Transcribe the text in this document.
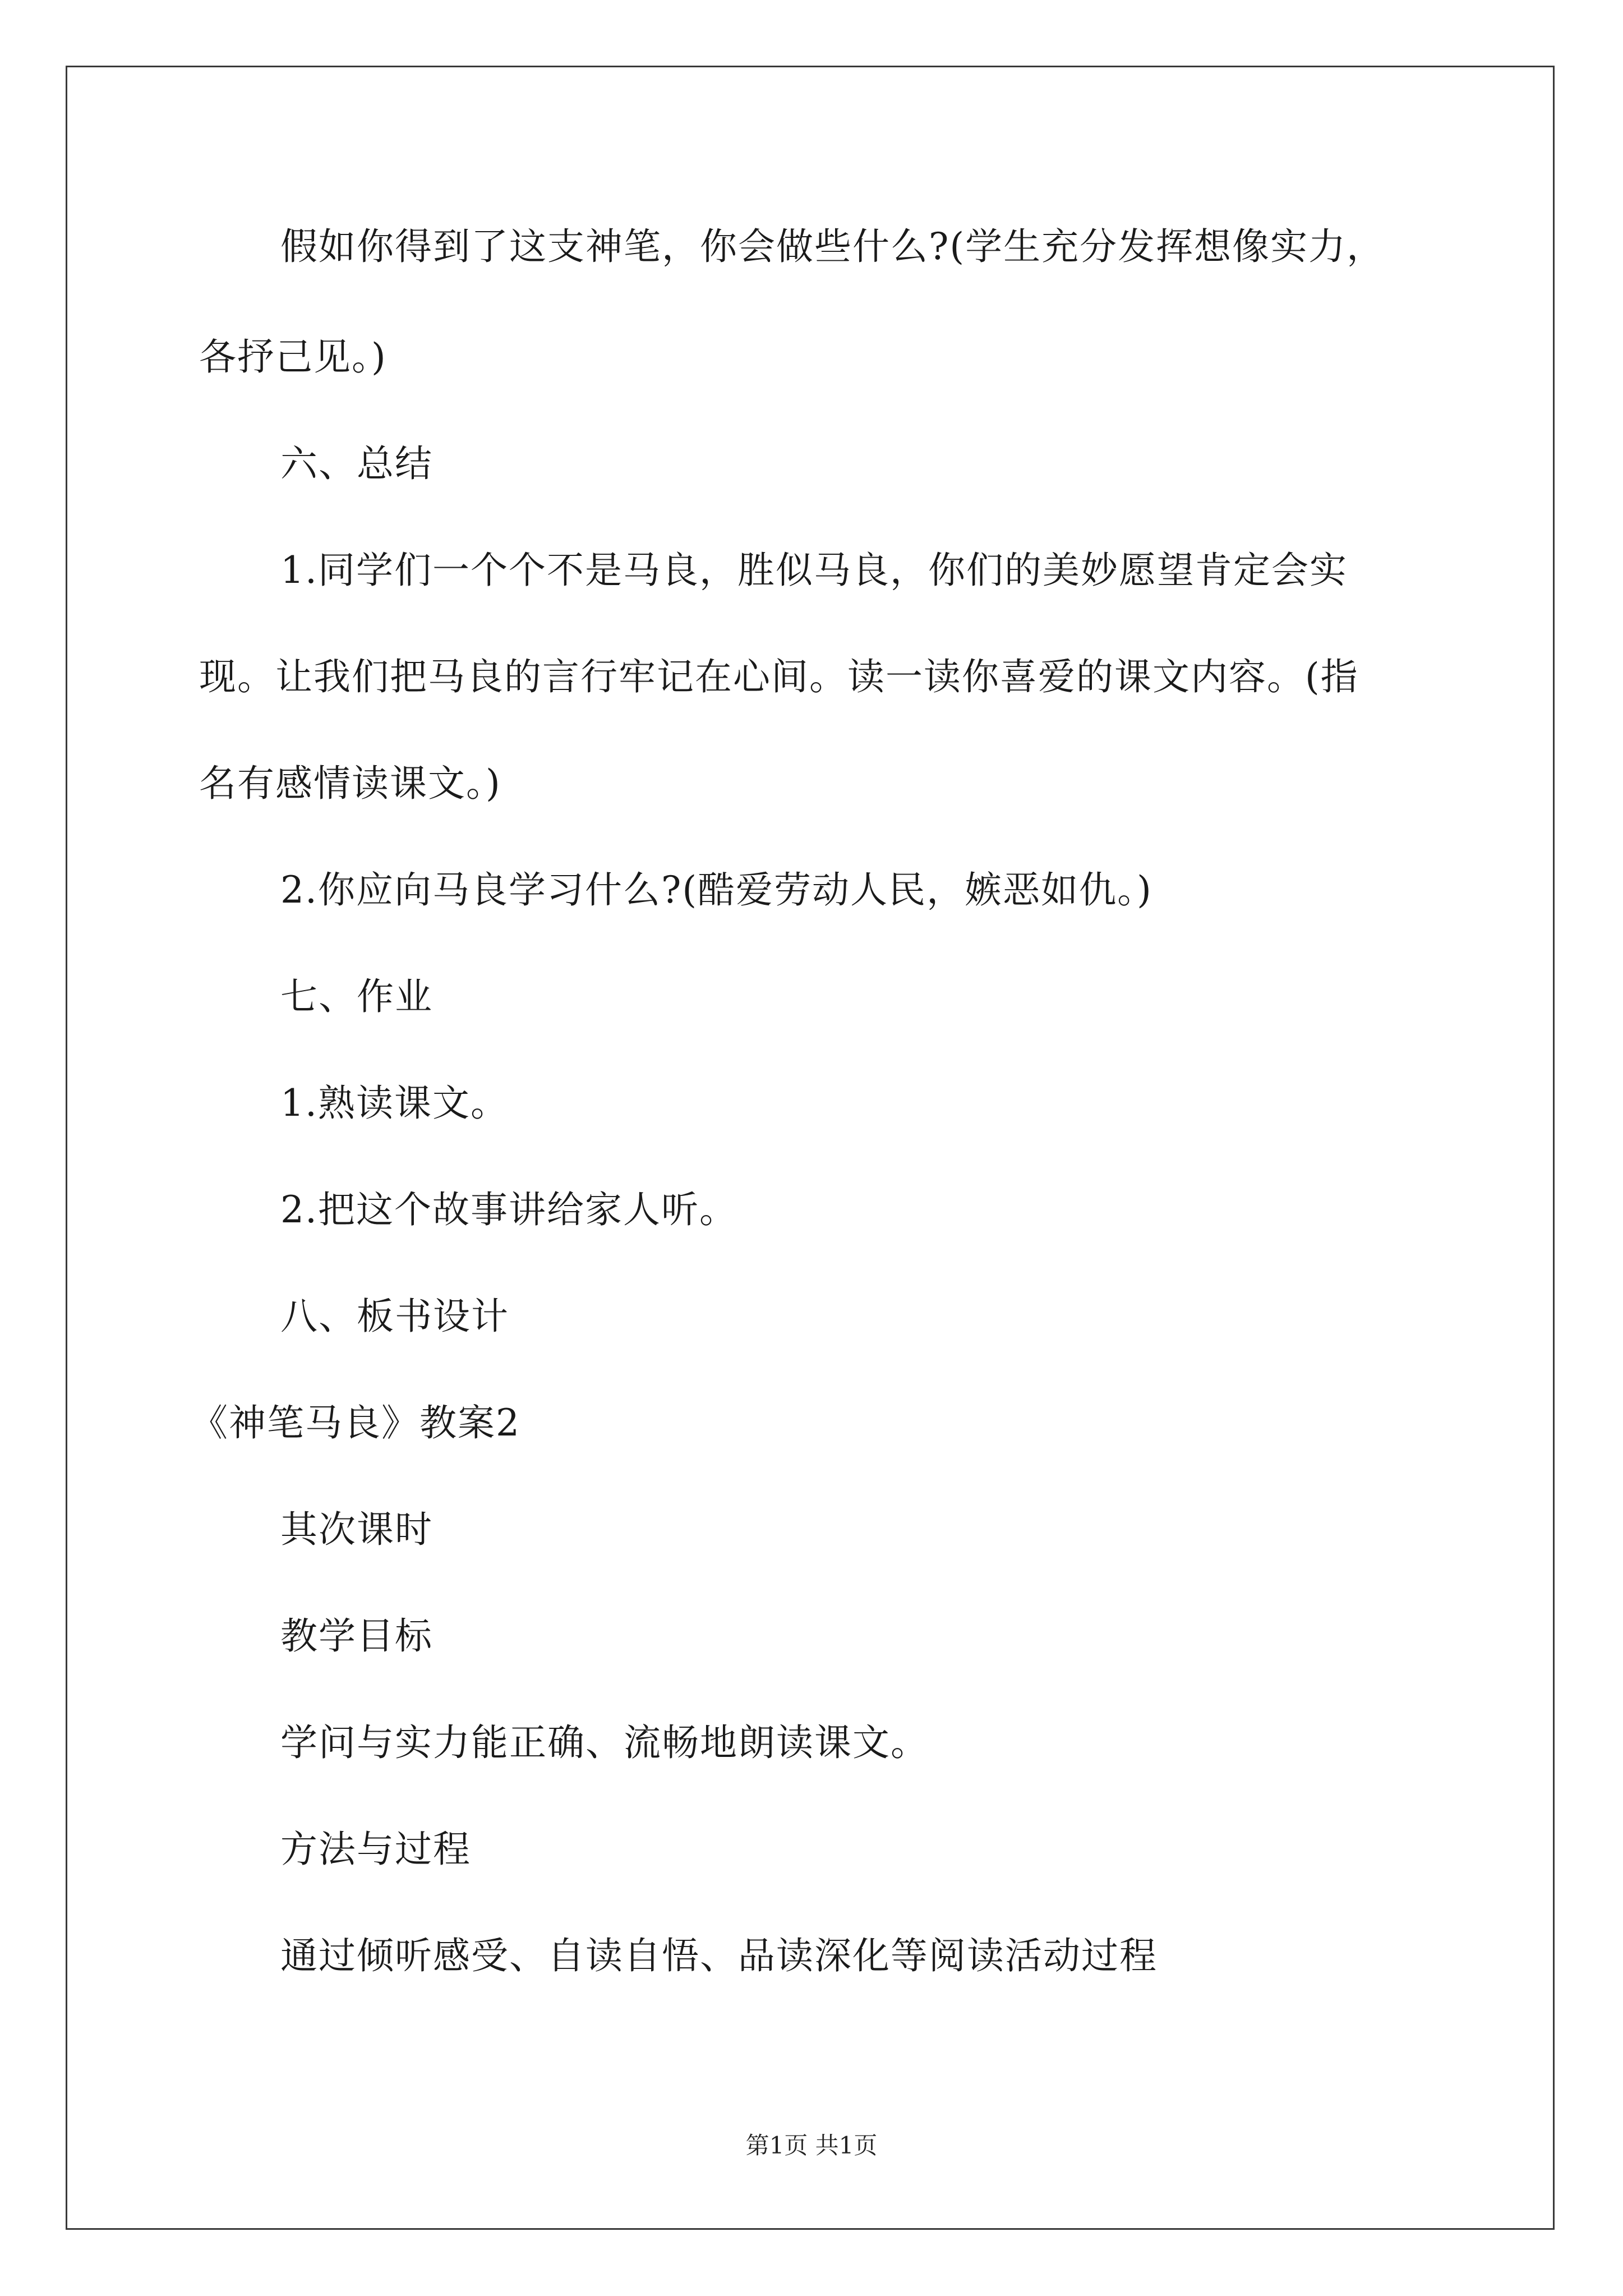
假如你得到了这支神笔，你会做些什么?(学生充分发挥想像实力，
各抒己见。)
六、总结
1.同学们一个个不是马良，胜似马良，你们的美妙愿望肯定会实
现。让我们把马良的言行牢记在心间。读一读你喜爱的课文内容。(指
名有感情读课文。)
2.你应向马良学习什么?(酷爱劳动人民，嫉恶如仇。)
七、作业
1.熟读课文。
2.把这个故事讲给家人听。
八、板书设计
《神笔马良》教案2
其次课时
教学目标
学问与实力能正确、流畅地朗读课文。
方法与过程
通过倾听感受、自读自悟、品读深化等阅读活动过程
第1页 共1页
